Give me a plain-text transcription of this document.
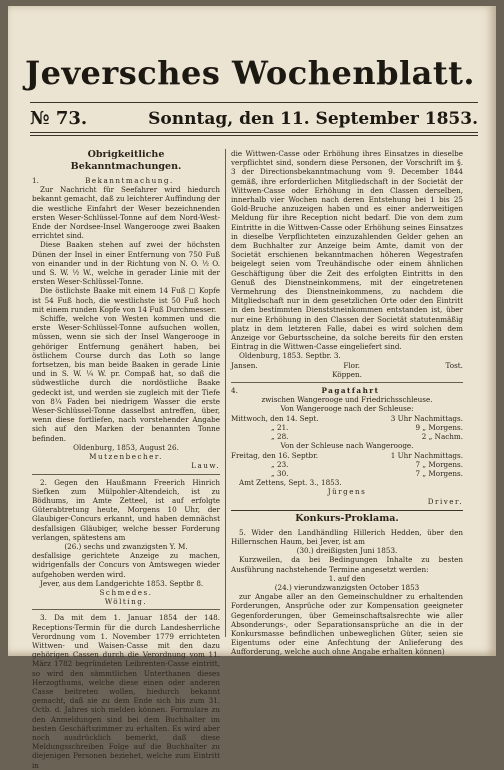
Jeversches Wochenblatt.
№ 73.	Sonntag, den 11. September 1853.

Obrigkeitliche Bekanntmachungen.

1.	Bekanntmachung.

Zur Nachricht für Seefahrer wird hiedurch bekannt gemacht, daß zu leichterer Auffindung der die westliche Einfahrt der Weser bezeichnenden ersten Weser-Schlüssel-Tonne auf dem Nord-West-Ende der Nordsee-Insel Wangerooge zwei Baaken errichtet sind.

Diese Baaken stehen auf zwei der höchsten Dünen der Insel in einer Entfernung von 750 Fuß von einander und in der Richtung von N. O. ½ O. und S. W. ½ W., welche in gerader Linie mit der ersten Weser-Schlüssel-Tonne.

Die östlichste Baake mit einem 14 Fuß □ Kopfe ist 54 Fuß hoch, die westlichste ist 50 Fuß hoch mit einem runden Kopfe von 14 Fuß Durchmesser.

Schiffe, welche von Westen kommen und die erste Weser-Schlüssel-Tonne aufsuchen wollen, müssen, wenn sie sich der Insel Wangerooge in gehöriger Entfernung genähert haben, bei östlichem Course durch das Loth so lange fortsetzen, bis man beide Baaken in gerade Linie und in S. W. ¼ W. pr. Compaß hat, so daß die südwestliche durch die nordöstliche Baake gedeckt ist, und werden sie zugleich mit der Tiefe von 8¼ Faden bei niedrigem Wasser die erste Weser-Schlüssel-Tonne dasselbst antreffen, über, wenn diese fortliefen, nach vorstehender Angabe sich auf den Marken der benannten Tonne befinden.

Oldenburg, 1853, August 26.

Mutzenbecher.

Lauw.

2. Gegen den Haußmann Freerich Hinrich Siefken zum Mülpohler-Altendeich, ist zu Bödhums, im Amte Zetteel, ist auf erfolgte Güterabtretung heute, Morgens 10 Uhr, der Glaubiger-Concurs erkannt, und haben demnächst desfallsigen Gläubiger, welche besser Forderung verlangen, spätestens am

(26.) sechs und zwanzigsten Y. M.

desfallsige gerichtete Anzeige zu machen, widrigenfalls der Concurs von Amtswegen wieder aufgehoben werden wird.

Jever, aus dem Landgerichte 1853. Septbr 8.

Schmedes.

Wölting.

3. Da mit dem 1. Januar 1854 der 148. Receptions-Termin für die durch Landesherrliche Verordnung vom 1. November 1779 errichteten Wittwen- und Waisen-Casse mit den dazu gehörigen Cassen durch die Verordnung vom 11. März 1782 begründeten Leibrenten-Casse eintritt, so wird den sämmtlichen Unterthanen dieses Herzogthums, welche diese einen oder anderen Casse beitreten wollen, hiedurch bekannt gemacht, daß sie zu dem Ende sich bis zum 31. Octb. d. Jahres sich melden können. Formulare zu den Anmeldungen sind bei dem Buchhalter im besten Geschäftszimmer zu erhalten. Es wird aber noch ausdrücklich bemerkt, daß diese Meldungsschreiben Folge auf die Buchhalter zu diejenigen Personen beziehet, welche zum Eintritt in

die Wittwen-Casse oder Erhöhung ihres Einsatzes in dieselbe verpflichtet sind, sondern diese Personen, der Vorschrift im §. 3 der Directionsbekanntmachung vom 9. December 1844 gemäß, ihre erforderlichen Mitgliedschaft in der Societät der Wittwen-Casse oder Erhöhung in den Classen derselben, innerhalb vier Wochen nach deren Entstehung bei 1 bis 25 Gold-Bruche anzuzeigen haben und es einer anderweitigen Meldung für ihre Reception nicht bedarf. Die von dem zum Eintritte in die Wittwen-Casse oder Erhöhung seines Einsatzes in dieselbe Verpflichteten einzuzahlenden Gelder gehen an dem Buchhalter zur Anzeige beim Amte, damit von der Societät erschienen bekanntmachen höheren Wegestrafen beigelegt seien vom Treuhändische oder einem ähnlichen Geschäftigung über die Zeit des erfolgten Eintritts in den Genuß des Dienstneinkommens, mit der eingetretenen Vermehrung des Dienstneinkommens, zu nachdem die Mitgliedschaft nur in dem gesetzlichen Orte oder den Eintritt in den bestimmten Dienststneinkommen entstanden ist, über nur eine Erhöhung in den Classen der Societät statutenmäßig platz in dem letzteren Falle, dabei es wird solchen dem Anzeige vor Geburtsscheine, da solche bereits für den ersten Eintrag in die Wittwen-Casse eingeliefert sind.

Oldenburg, 1853. Septbr. 3.

Jansen.	Flor.	Tost.

Köppen.

4.	Pagatfahrt

zwischen Wangerooge und Friedrichsschleuse.

Von Wangerooge nach der Schleuse:

Mittwoch, den 14. Sept.	3 Uhr Nachmittags.
„ 21.	9 „ Morgens.
„ 28.	2 „ Nachm.

Von der Schleuse nach Wangerooge.

Freitag, den 16. Septbr.	1 Uhr Nachmittags.
„ 23.	7 „ Morgens.
„ 30.	7 „ Morgens.

Amt Zettens, Sept. 3., 1853.

Jürgens

Driver.

Konkurs-Proklama.

5. Wider den Landhändling Hillerich Hedden, über den Hillernschen Haum, bei Jever, ist am

(30.) dreißigsten Juni 1853.

Kurzweilen, da bei Bedingungen Inhalte zu besten Ausführung nachstehende Termine angesetzt werden:

1. auf den

(24.) vierundzwanzigsten October 1853

zur Angabe aller an den Gemeinschuldner zu erhaltenden Forderungen, Ansprüche oder zur Kompensation geeigneter Gegenforderungen, über Gemeinschaftsalsrechte wie aller Absonderungs-, oder Separationsansprüche an die in der Konkursmasse befindlichen unbeweglichen Güter, seien sie Eigentums oder eine Anfechtung der Anlieferung des Aufforderung, welche auch ohne Angabe erhalten können)
